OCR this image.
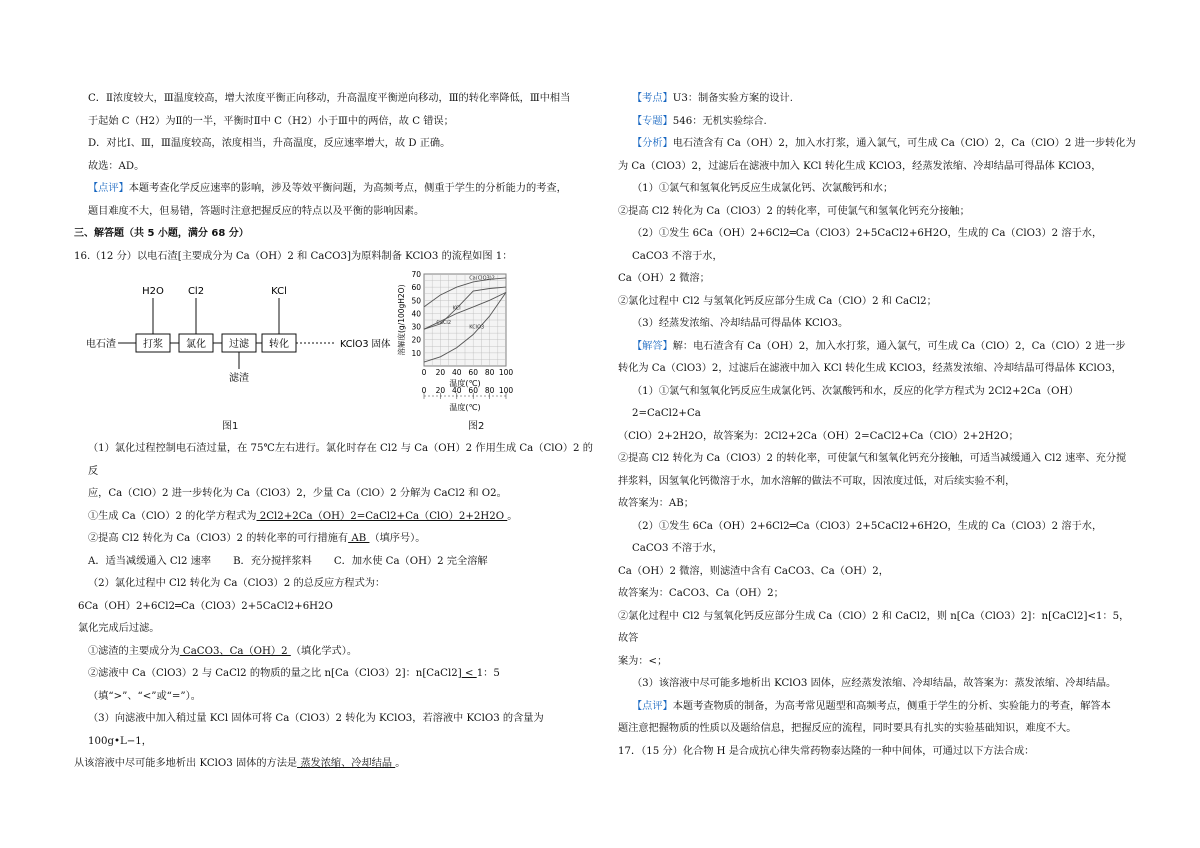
C．Ⅱ浓度较大，Ⅲ温度较高，增大浓度平衡正向移动，升高温度平衡逆向移动，Ⅲ的转化率降低，Ⅲ中相当
于起始 C（H2）为Ⅱ的一半，平衡时Ⅱ中 C（H2）小于Ⅲ中的两倍，故 C 错误；
D．对比Ⅰ、Ⅲ，Ⅲ温度较高，浓度相当，升高温度，反应速率增大，故 D 正确。
故选：AD。
【点评】本题考查化学反应速率的影响，涉及等效平衡问题，为高频考点，侧重于学生的分析能力的考查，
题目难度不大，但易错，答题时注意把握反应的特点以及平衡的影响因素。
三、解答题（共 5 小题，满分 68 分）
16.（12 分）以电石渣[主要成分为 Ca（OH）2 和 CaCO3]为原料制备 KClO3 的流程如图 1：
电石渣	打浆 氯化 过滤 转化
H2O Cl2	KCl
滤渣
KClO3 固体
图1
10
20
30
40
50
60
70
0 20 40 60 80 100
溶解度(g/100gH2O)
温度(℃)
Ca(ClO3)2
CaCl2
KCl
KClO3
0 20 40 60 80 100
温度(℃)
图2
（1）氯化过程控制电石渣过量，在 75℃左右进行。氯化时存在 Cl2 与 Ca（OH）2 作用生成 Ca（ClO）2 的反
应，Ca（ClO）2 进一步转化为 Ca（ClO3）2，少量 Ca（ClO）2 分解为 CaCl2 和 O2。
①生成 Ca（ClO）2 的化学方程式为 2Cl2+2Ca（OH）2=CaCl2+Ca（ClO）2+2H2O 。
②提高 Cl2 转化为 Ca（ClO3）2 的转化率的可行措施有 AB （填序号）。
A．适当减缓通入 Cl2 速率 B．充分搅拌浆料 C．加水使 Ca（OH）2 完全溶解
（2）氯化过程中 Cl2 转化为 Ca（ClO3）2 的总反应方程式为：
6Ca（OH）2+6Cl2═Ca（ClO3）2+5CaCl2+6H2O
氯化完成后过滤。
①滤渣的主要成分为 CaCO3、Ca（OH）2 （填化学式）。
②滤液中 Ca（ClO3）2 与 CaCl2 的物质的量之比 n[Ca（ClO3）2]：n[CaCl2] < 1：5（填“>”、“<”或“=”）。
（3）向滤液中加入稍过量 KCl 固体可将 Ca（ClO3）2 转化为 KClO3，若溶液中 KClO3 的含量为 100g•L−1，
从该溶液中尽可能多地析出 KClO3 固体的方法是 蒸发浓缩、冷却结晶 。
【考点】U3：制备实验方案的设计.
【专题】546：无机实验综合.
【分析】电石渣含有 Ca（OH）2，加入水打浆，通入氯气，可生成 Ca（ClO）2，Ca（ClO）2 进一步转化为
为 Ca（ClO3）2，过滤后在滤液中加入 KCl 转化生成 KClO3，经蒸发浓缩、冷却结晶可得晶体 KClO3，
（1）①氯气和氢氧化钙反应生成氯化钙、次氯酸钙和水；
②提高 Cl2 转化为 Ca（ClO3）2 的转化率，可使氯气和氢氧化钙充分接触；
（2）①发生 6Ca（OH）2+6Cl2═Ca（ClO3）2+5CaCl2+6H2O，生成的 Ca（ClO3）2 溶于水，CaCO3 不溶于水，
Ca（OH）2 微溶；
②氯化过程中 Cl2 与氢氧化钙反应部分生成 Ca（ClO）2 和 CaCl2；
（3）经蒸发浓缩、冷却结晶可得晶体 KClO3。
【解答】解：电石渣含有 Ca（OH）2，加入水打浆，通入氯气，可生成 Ca（ClO）2，Ca（ClO）2 进一步
转化为 Ca（ClO3）2，过滤后在滤液中加入 KCl 转化生成 KClO3，经蒸发浓缩、冷却结晶可得晶体 KClO3，
（1）①氯气和氢氧化钙反应生成氯化钙、次氯酸钙和水，反应的化学方程式为 2Cl2+2Ca（OH）2=CaCl2+Ca
（ClO）2+2H2O，故答案为：2Cl2+2Ca（OH）2=CaCl2+Ca（ClO）2+2H2O；
②提高 Cl2 转化为 Ca（ClO3）2 的转化率，可使氯气和氢氧化钙充分接触，可适当减缓通入 Cl2 速率、充分搅
拌浆料，因氢氧化钙微溶于水，加水溶解的做法不可取，因浓度过低，对后续实验不利，
故答案为：AB；
（2）①发生 6Ca（OH）2+6Cl2═Ca（ClO3）2+5CaCl2+6H2O，生成的 Ca（ClO3）2 溶于水，CaCO3 不溶于水，
Ca（OH）2 微溶，则滤渣中含有 CaCO3、Ca（OH）2，
故答案为：CaCO3、Ca（OH）2；
②氯化过程中 Cl2 与氢氧化钙反应部分生成 Ca（ClO）2 和 CaCl2，则 n[Ca（ClO3）2]：n[CaCl2]<1：5，故答
案为：<；
（3）该溶液中尽可能多地析出 KClO3 固体，应经蒸发浓缩、冷却结晶，故答案为：蒸发浓缩、冷却结晶。
【点评】本题考查物质的制备，为高考常见题型和高频考点，侧重于学生的分析、实验能力的考查，解答本
题注意把握物质的性质以及题给信息，把握反应的流程，同时要具有扎实的实验基础知识，难度不大。
17．（15 分）化合物 H 是合成抗心律失常药物泰达隆的一种中间体，可通过以下方法合成：
